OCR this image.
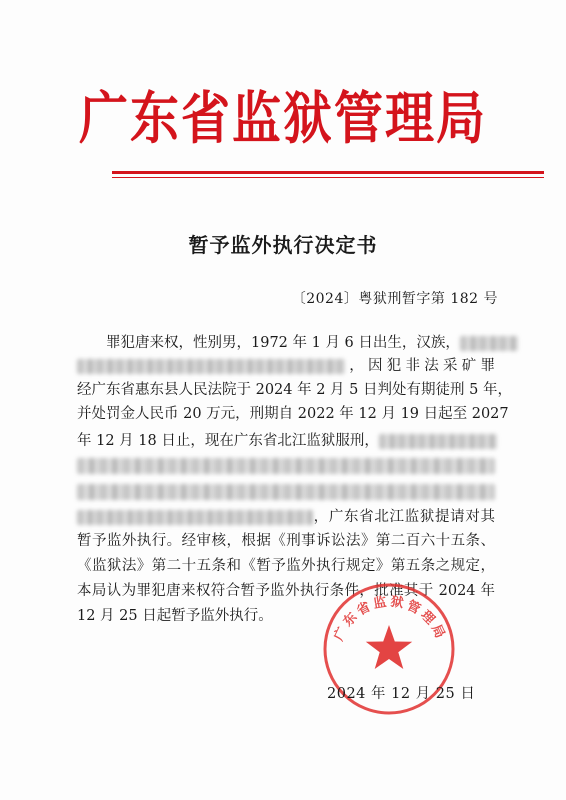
广东省监狱管理局
暂予监外执行决定书
〔2024〕粤狱刑暂字第 182 号
罪犯唐来权，性别男，1972 年 1 月 6 日出生，汉族，
，因犯非法采矿罪
经广东省惠东县人民法院于 2024 年 2 月 5 日判处有期徒刑 5 年，
并处罚金人民币 20 万元，刑期自 2022 年 12 月 19 日起至 2027
年 12 月 18 日止，现在广东省北江监狱服刑，
，广东省北江监狱提请对其
暂予监外执行。经审核，根据《刑事诉讼法》第二百六十五条、
《监狱法》第二十五条和《暂予监外执行规定》第五条之规定，
本局认为罪犯唐来权符合暂予监外执行条件，批准其于 2024 年
12 月 25 日起暂予监外执行。
广东省监狱管理局
2024 年 12 月 25 日
